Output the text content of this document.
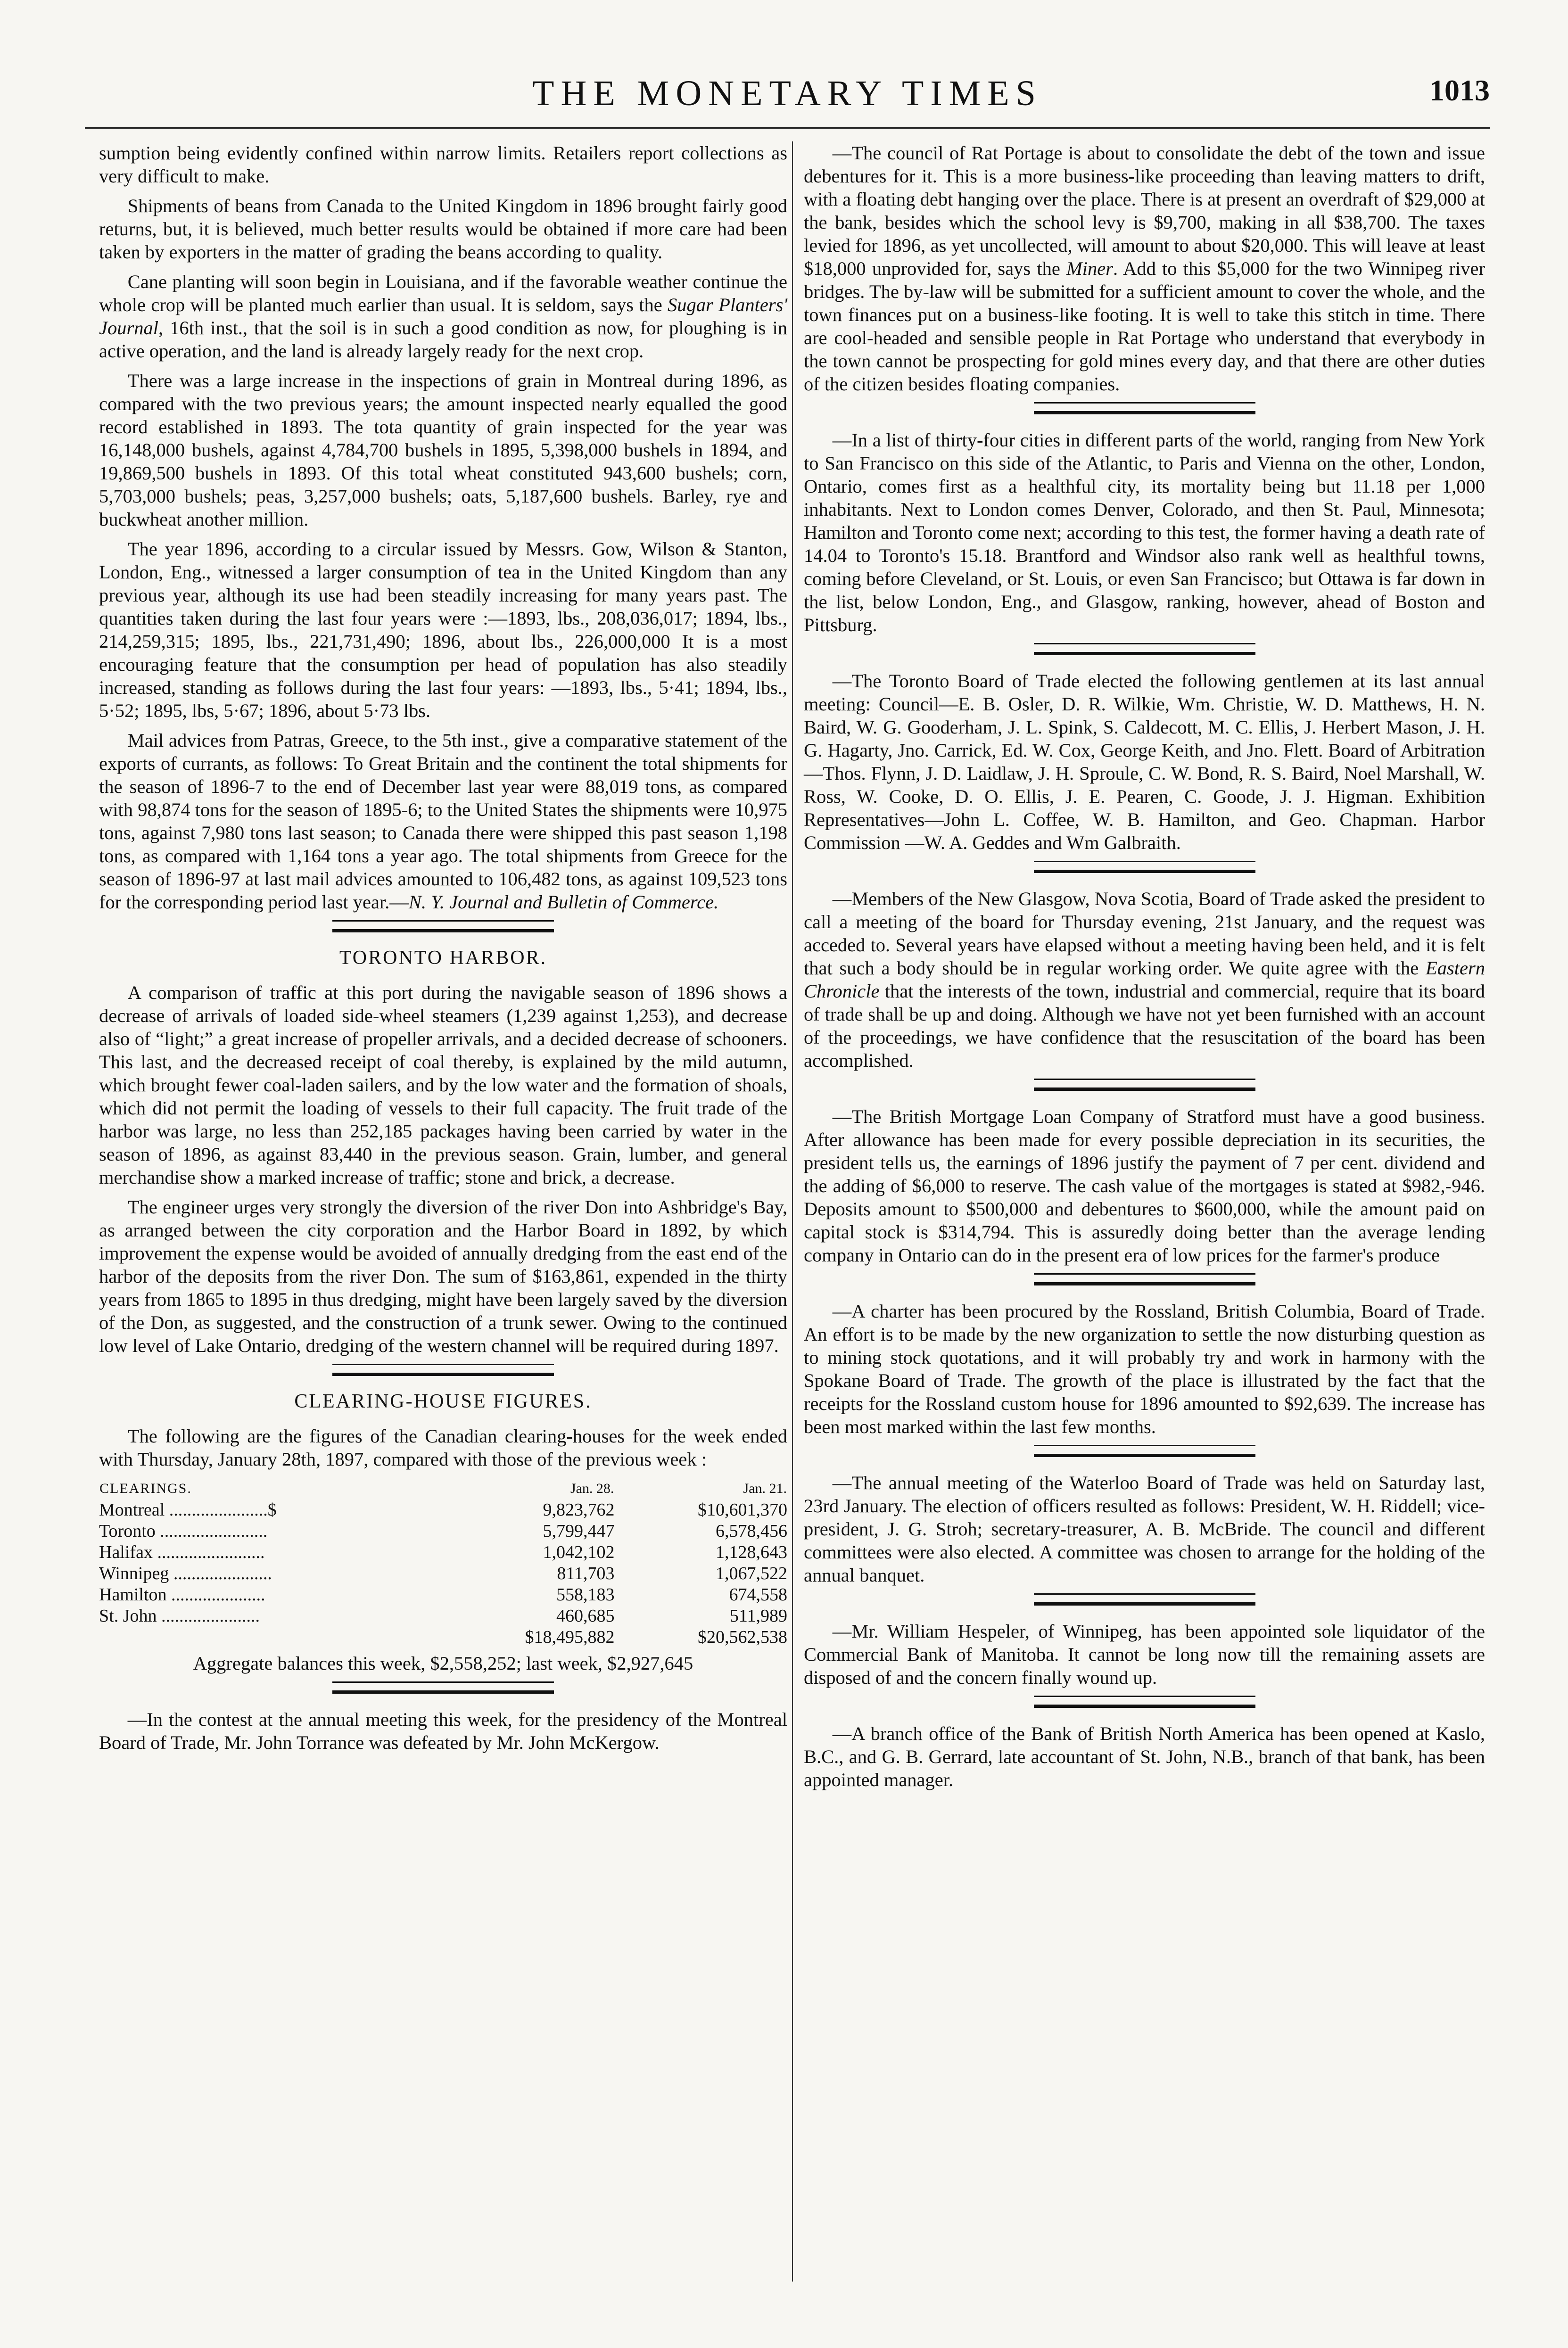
THE MONETARY TIMES	1013

sumption being evidently confined within narrow limits. Retailers report collections as very difficult to make.

Shipments of beans from Canada to the United Kingdom in 1896 brought fairly good returns, but, it is believed, much better results would be obtained if more care had been taken by exporters in the matter of grading the beans according to quality.

Cane planting will soon begin in Louisiana, and if the favorable weather continue the whole crop will be planted much earlier than usual. It is seldom, says the Sugar Planters' Journal, 16th inst., that the soil is in such a good condition as now, for ploughing is in active operation, and the land is already largely ready for the next crop.

There was a large increase in the inspections of grain in Montreal during 1896, as compared with the two previous years; the amount inspected nearly equalled the good record established in 1893. The tota quantity of grain inspected for the year was 16,148,000 bushels, against 4,784,700 bushels in 1895, 5,398,000 bushels in 1894, and 19,869,500 bushels in 1893. Of this total wheat constituted 943,600 bushels; corn, 5,703,000 bushels; peas, 3,257,000 bushels; oats, 5,187,600 bushels. Barley, rye and buckwheat another million.

The year 1896, according to a circular issued by Messrs. Gow, Wilson & Stanton, London, Eng., witnessed a larger consumption of tea in the United Kingdom than any previous year, although its use had been steadily increasing for many years past. The quantities taken during the last four years were :—1893, lbs., 208,036,017; 1894, lbs., 214,259,315; 1895, lbs., 221,731,490; 1896, about lbs., 226,000,000 It is a most encouraging feature that the consumption per head of population has also steadily increased, standing as follows during the last four years: —1893, lbs., 5·41; 1894, lbs., 5·52; 1895, lbs, 5·67; 1896, about 5·73 lbs.

Mail advices from Patras, Greece, to the 5th inst., give a comparative statement of the exports of currants, as follows: To Great Britain and the continent the total shipments for the season of 1896-7 to the end of December last year were 88,019 tons, as compared with 98,874 tons for the season of 1895-6; to the United States the shipments were 10,975 tons, against 7,980 tons last season; to Canada there were shipped this past season 1,198 tons, as compared with 1,164 tons a year ago. The total shipments from Greece for the season of 1896-97 at last mail advices amounted to 106,482 tons, as against 109,523 tons for the corresponding period last year.—N. Y. Journal and Bulletin of Commerce.

TORONTO HARBOR.

A comparison of traffic at this port during the navigable season of 1896 shows a decrease of arrivals of loaded side-wheel steamers (1,239 against 1,253), and decrease also of “light;” a great increase of propeller arrivals, and a decided decrease of schooners. This last, and the decreased receipt of coal thereby, is explained by the mild autumn, which brought fewer coal-laden sailers, and by the low water and the formation of shoals, which did not permit the loading of vessels to their full capacity. The fruit trade of the harbor was large, no less than 252,185 packages having been carried by water in the season of 1896, as against 83,440 in the previous season. Grain, lumber, and general merchandise show a marked increase of traffic; stone and brick, a decrease.

The engineer urges very strongly the diversion of the river Don into Ashbridge's Bay, as arranged between the city corporation and the Harbor Board in 1892, by which improvement the expense would be avoided of annually dredging from the east end of the harbor of the deposits from the river Don. The sum of $163,861, expended in the thirty years from 1865 to 1895 in thus dredging, might have been largely saved by the diversion of the Don, as suggested, and the construction of a trunk sewer. Owing to the continued low level of Lake Ontario, dredging of the western channel will be required during 1897.

CLEARING-HOUSE FIGURES.

The following are the figures of the Canadian clearing-houses for the week ended with Thursday, January 28th, 1897, compared with those of the previous week :

CLEARINGS.	Jan. 28.	Jan. 21.
Montreal ......................$	9,823,762	$10,601,370
Toronto ........................	5,799,447	6,578,456
Halifax ........................	1,042,102	1,128,643
Winnipeg ......................	811,703	1,067,522
Hamilton .....................	558,183	674,558
St. John ......................	460,685	511,989
	$18,495,882	$20,562,538
Aggregate balances this week, $2,558,252; last week, $2,927,645

—In the contest at the annual meeting this week, for the presidency of the Montreal Board of Trade, Mr. John Torrance was defeated by Mr. John McKergow.

—The council of Rat Portage is about to consolidate the debt of the town and issue debentures for it. This is a more business-like proceeding than leaving matters to drift, with a floating debt hanging over the place. There is at present an overdraft of $29,000 at the bank, besides which the school levy is $9,700, making in all $38,700. The taxes levied for 1896, as yet uncollected, will amount to about $20,000. This will leave at least $18,000 unprovided for, says the Miner. Add to this $5,000 for the two Winnipeg river bridges. The by-law will be submitted for a sufficient amount to cover the whole, and the town finances put on a business-like footing. It is well to take this stitch in time. There are cool-headed and sensible people in Rat Portage who understand that everybody in the town cannot be prospecting for gold mines every day, and that there are other duties of the citizen besides floating companies.

—In a list of thirty-four cities in different parts of the world, ranging from New York to San Francisco on this side of the Atlantic, to Paris and Vienna on the other, London, Ontario, comes first as a healthful city, its mortality being but 11.18 per 1,000 inhabitants. Next to London comes Denver, Colorado, and then St. Paul, Minnesota; Hamilton and Toronto come next; according to this test, the former having a death rate of 14.04 to Toronto's 15.18. Brantford and Windsor also rank well as healthful towns, coming before Cleveland, or St. Louis, or even San Francisco; but Ottawa is far down in the list, below London, Eng., and Glasgow, ranking, however, ahead of Boston and Pittsburg.

—The Toronto Board of Trade elected the following gentlemen at its last annual meeting: Council—E. B. Osler, D. R. Wilkie, Wm. Christie, W. D. Matthews, H. N. Baird, W. G. Gooderham, J. L. Spink, S. Caldecott, M. C. Ellis, J. Herbert Mason, J. H. G. Hagarty, Jno. Carrick, Ed. W. Cox, George Keith, and Jno. Flett. Board of Arbitration—Thos. Flynn, J. D. Laidlaw, J. H. Sproule, C. W. Bond, R. S. Baird, Noel Marshall, W. Ross, W. Cooke, D. O. Ellis, J. E. Pearen, C. Goode, J. J. Higman. Exhibition Representatives—John L. Coffee, W. B. Hamilton, and Geo. Chapman. Harbor Commission —W. A. Geddes and Wm Galbraith.

—Members of the New Glasgow, Nova Scotia, Board of Trade asked the president to call a meeting of the board for Thursday evening, 21st January, and the request was acceded to. Several years have elapsed without a meeting having been held, and it is felt that such a body should be in regular working order. We quite agree with the Eastern Chronicle that the interests of the town, industrial and commercial, require that its board of trade shall be up and doing. Although we have not yet been furnished with an account of the proceedings, we have confidence that the resuscitation of the board has been accomplished.

—The British Mortgage Loan Company of Stratford must have a good business. After allowance has been made for every possible depreciation in its securities, the president tells us, the earnings of 1896 justify the payment of 7 per cent. dividend and the adding of $6,000 to reserve. The cash value of the mortgages is stated at $982,-946. Deposits amount to $500,000 and debentures to $600,000, while the amount paid on capital stock is $314,794. This is assuredly doing better than the average lending company in Ontario can do in the present era of low prices for the farmer's produce

—A charter has been procured by the Rossland, British Columbia, Board of Trade. An effort is to be made by the new organization to settle the now disturbing question as to mining stock quotations, and it will probably try and work in harmony with the Spokane Board of Trade. The growth of the place is illustrated by the fact that the receipts for the Rossland custom house for 1896 amounted to $92,639. The increase has been most marked within the last few months.

—The annual meeting of the Waterloo Board of Trade was held on Saturday last, 23rd January. The election of officers resulted as follows: President, W. H. Riddell; vice-president, J. G. Stroh; secretary-treasurer, A. B. McBride. The council and different committees were also elected. A committee was chosen to arrange for the holding of the annual banquet.

—Mr. William Hespeler, of Winnipeg, has been appointed sole liquidator of the Commercial Bank of Manitoba. It cannot be long now till the remaining assets are disposed of and the concern finally wound up.

—A branch office of the Bank of British North America has been opened at Kaslo, B.C., and G. B. Gerrard, late accountant of St. John, N.B., branch of that bank, has been appointed manager.
